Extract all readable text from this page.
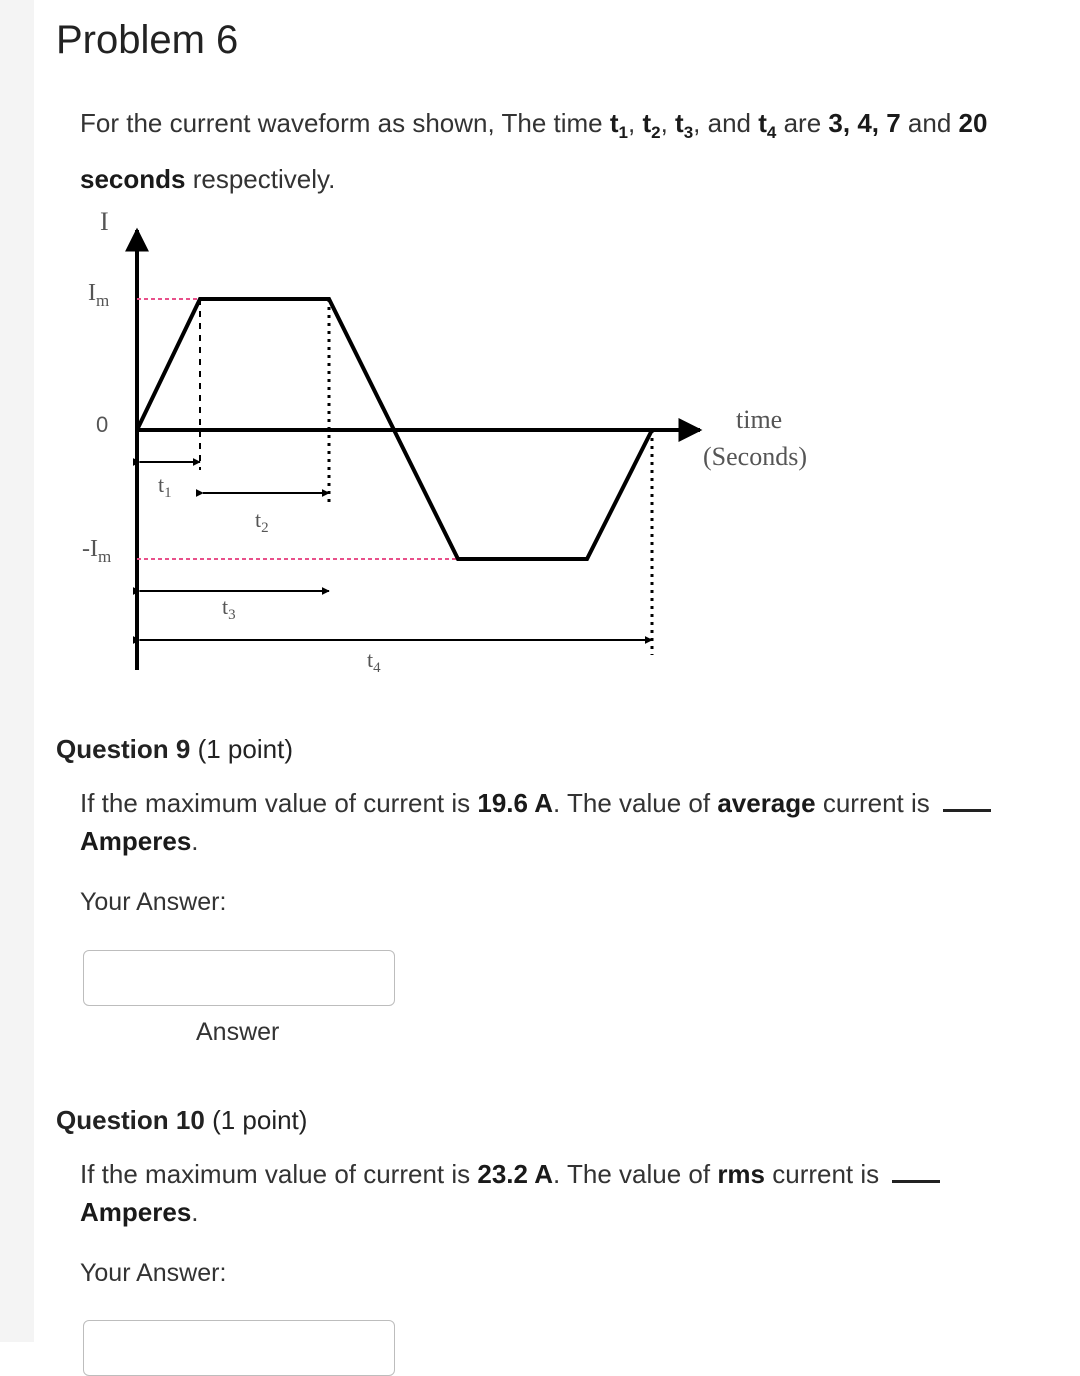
Problem 6
For the current waveform as shown, The time $t_1$, $t_2$, $t_3$, and $t_4$ are 3, 4, 7 and 20 seconds respectively.
I
$I_m$
0
$-I_m$
time
(Seconds)
$t_1$
$t_2$
$t_3$
$t_4$
Question 9 (1 point)
If the maximum value of current is 19.6 A. The value of average current is
Amperes.
Your Answer:
Answer
Question 10 (1 point)
If the maximum value of current is 23.2 A. The value of rms current is
Amperes.
Your Answer:
